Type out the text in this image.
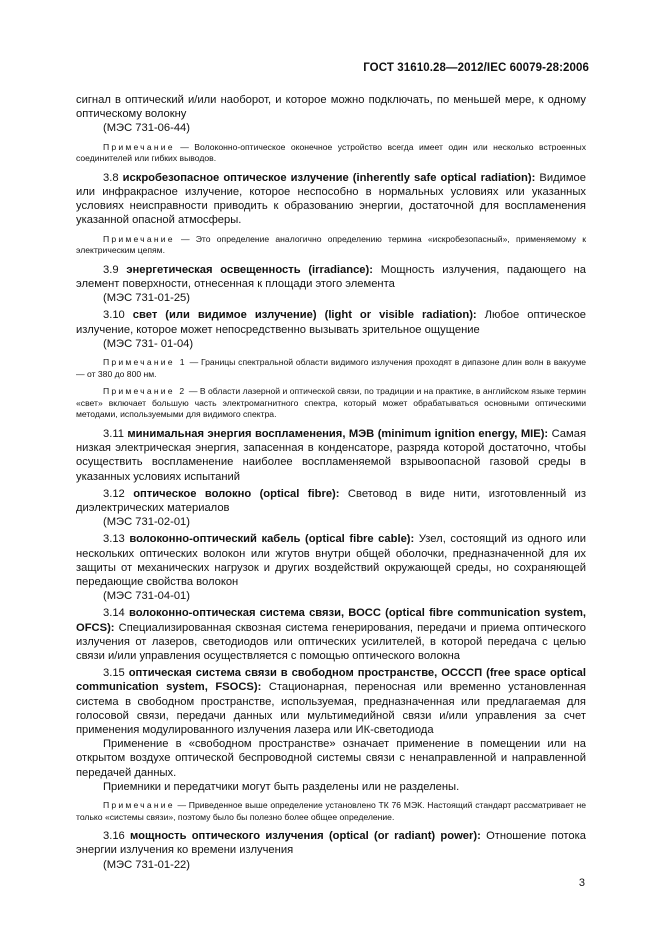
ГОСТ 31610.28—2012/IEC 60079-28:2006

сигнал в оптический и/или наоборот, и которое можно подключать, по меньшей мере, к одному оптическому волокну

(МЭС 731-06-44)

Примечание — Волоконно-оптическое оконечное устройство всегда имеет один или несколько встроенных соединителей или гибких выводов.

3.8 искробезопасное оптическое излучение (inherently safe optical radiation): Видимое или инфракрасное излучение, которое неспособно в нормальных условиях или указанных условиях неисправности приводить к образованию энергии, достаточной для воспламенения указанной опасной атмосферы.

Примечание — Это определение аналогично определению термина «искробезопасный», применяемому к электрическим цепям.

3.9 энергетическая освещенность (irradiance): Мощность излучения, падающего на элемент поверхности, отнесенная к площади этого элемента

(МЭС 731-01-25)

3.10 свет (или видимое излучение) (light or visible radiation): Любое оптическое излучение, которое может непосредственно вызывать зрительное ощущение

(МЭС 731- 01-04)

Примечание 1 — Границы спектральной области видимого излучения проходят в дипазоне длин волн в вакууме — от 380 до 800 нм.

Примечание 2 — В области лазерной и оптической связи, по традиции и на практике, в английском языке термин «свет» включает большую часть электромагнитного спектра, который может обрабатываться основными оптическими методами, используемыми для видимого спектра.

3.11 минимальная энергия воспламенения, МЭВ (minimum ignition energy, MIE): Самая низкая электрическая энергия, запасенная в конденсаторе, разряда которой достаточно, чтобы осуществить воспламенение наиболее воспламеняемой взрывоопасной газовой среды в указанных условиях испытаний

3.12 оптическое волокно (optical fibre): Световод в виде нити, изготовленный из диэлектрических материалов

(МЭС 731-02-01)

3.13 волоконно-оптический кабель (optical fibre cable): Узел, состоящий из одного или нескольких оптических волокон или жгутов внутри общей оболочки, предназначенной для их защиты от механических нагрузок и других воздействий окружающей среды, но сохраняющей передающие свойства волокон

(МЭС 731-04-01)

3.14 волоконно-оптическая система связи, ВОСС (optical fibre communication system, OFCS): Специализированная сквозная система генерирования, передачи и приема оптического излучения от лазеров, светодиодов или оптических усилителей, в которой передача с целью связи и/или управления осуществляется с помощью оптического волокна

3.15 оптическая система связи в свободном пространстве, ОСССП (free space optical communication system, FSOCS): Стационарная, переносная или временно установленная система в свободном пространстве, используемая, предназначенная или предлагаемая для голосовой связи, передачи данных или мультимедийной связи и/или управления за счет применения модулированного излучения лазера или ИК-светодиода

Применение в «свободном пространстве» означает применение в помещении или на открытом воздухе оптической беспроводной системы связи с ненаправленной и направленной передачей данных.

Приемники и передатчики могут быть разделены или не разделены.

Примечание — Приведенное выше определение установлено ТК 76 МЭК. Настоящий стандарт рассматривает не только «системы связи», поэтому было бы полезно более общее определение.

3.16 мощность оптического излучения (optical (or radiant) power): Отношение потока энергии излучения ко времени излучения

(МЭС 731-01-22)

3
